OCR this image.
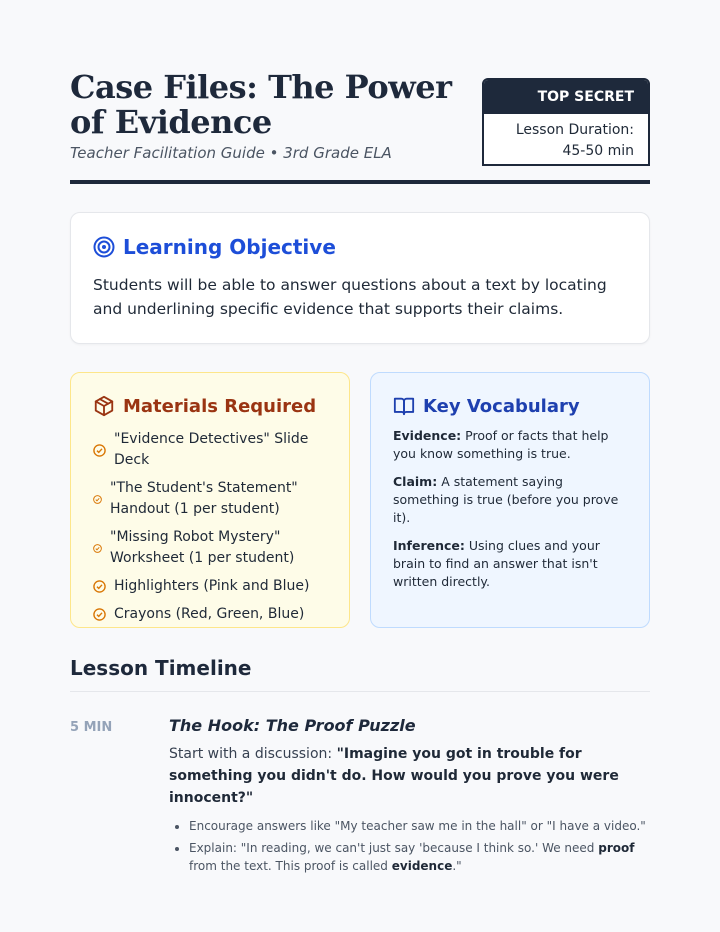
Case Files: The Power of Evidence
Teacher Facilitation Guide • 3rd Grade ELA
TOP SECRET
Lesson Duration: 45-50 min
Learning Objective

Students will be able to answer questions about a text by locating and underlining specific evidence that supports their claims.

Materials Required
"Evidence Detectives" Slide Deck
"The Student's Statement" Handout (1 per student)
"Missing Robot Mystery" Worksheet (1 per student)
Highlighters (Pink and Blue)
Crayons (Red, Green, Blue)
Key Vocabulary
Evidence: Proof or facts that help you know something is true.
Claim: A statement saying something is true (before you prove it).
Inference: Using clues and your brain to find an answer that isn't written directly.
Lesson Timeline
5 MIN	The Hook: The Proof Puzzle
Start with a discussion: "Imagine you got in trouble for something you didn't do. How would you prove you were innocent?"
• Encourage answers like "My teacher saw me in the hall" or "I have a video."
• Explain: "In reading, we can't just say 'because I think so.' We need proof from the text. This proof is called evidence."
